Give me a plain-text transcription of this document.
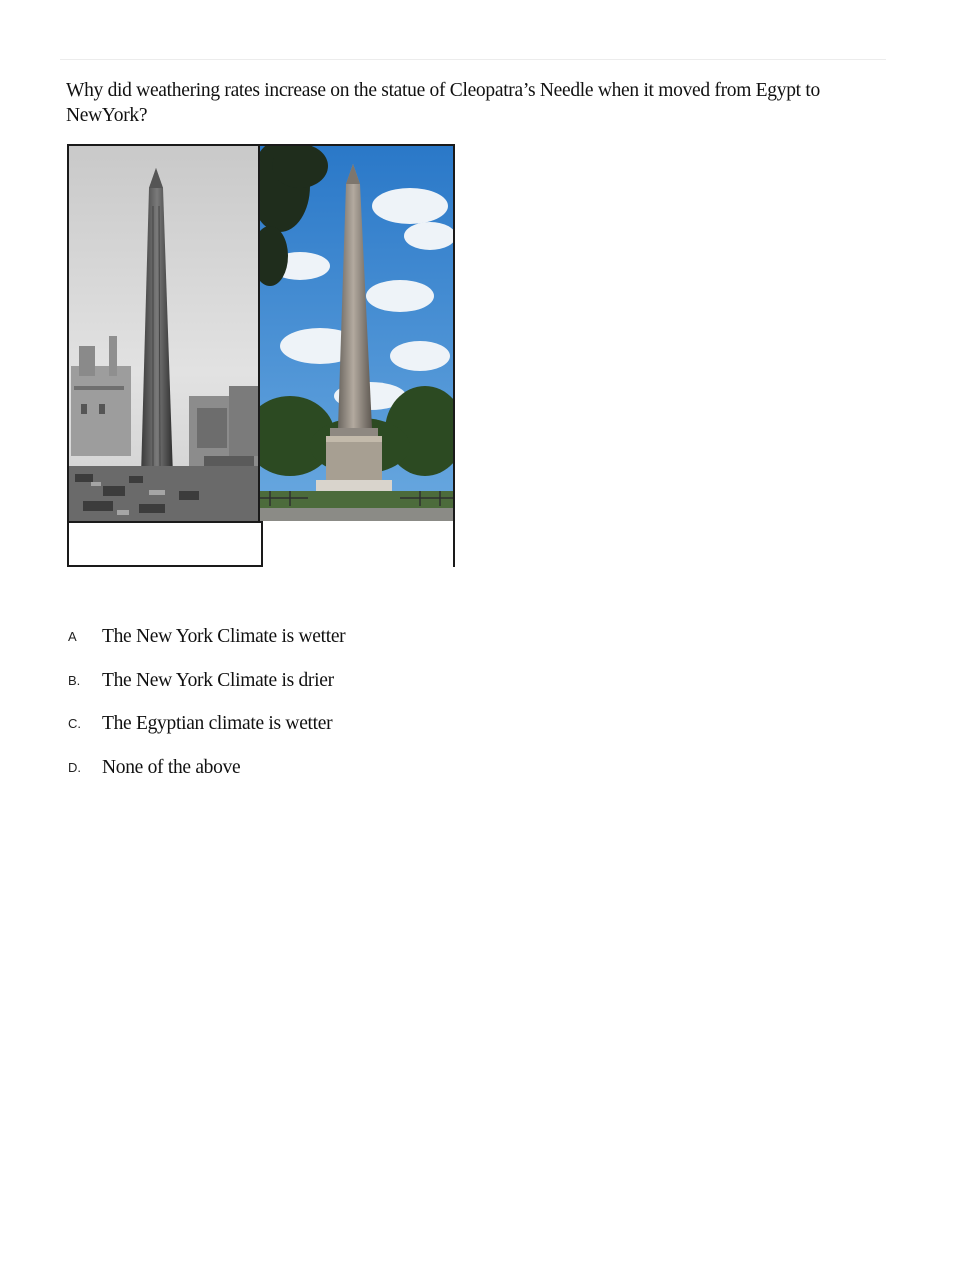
Why did weathering rates increase on the statue of Cleopatra’s Needle when it moved from Egypt to
NewYork?
A The New York Climate is wetter
B. The New York Climate is drier
C. The Egyptian climate is wetter
D. None of the above
